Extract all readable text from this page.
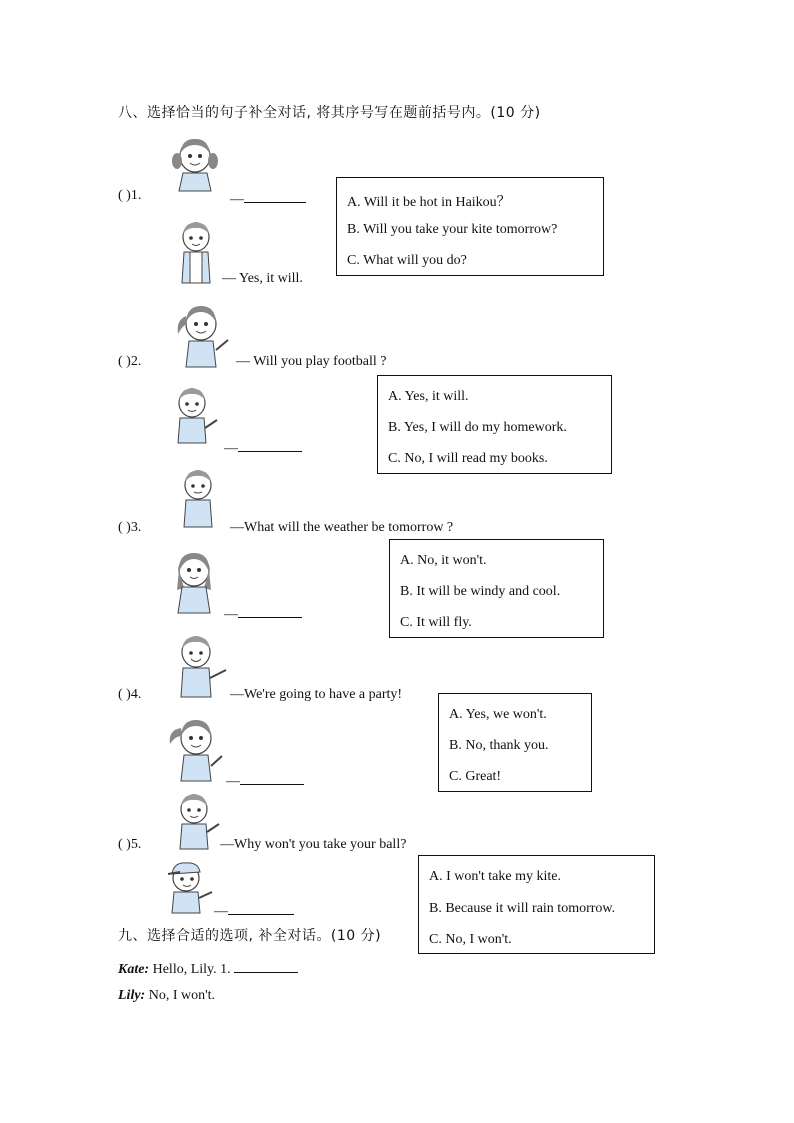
八、选择恰当的句子补全对话, 将其序号写在题前括号内。(10 分)
( )1.	—
— Yes, it will.
A. Will it be hot in Haikou？
B. Will you take your kite tomorrow?
C. What will you do?
( )2.	— Will you play football ?
—
A. Yes, it will.
B. Yes, I will do my homework.
C. No, I will read my books.
( )3.	—What will the weather be tomorrow ?
—
A. No, it won't.
B. It will be windy and cool.
C. It will fly.
( )4.	—We're going to have a party!
—
A. Yes, we won't.
B. No, thank you.
C. Great!
( )5.	—Why won't you take your ball?
—
A. I won't take my kite.
B. Because it will rain tomorrow.
C. No, I won't.
九、选择合适的选项, 补全对话。(10 分)
Kate: Hello, Lily. 1.
Lily: No, I won't.
